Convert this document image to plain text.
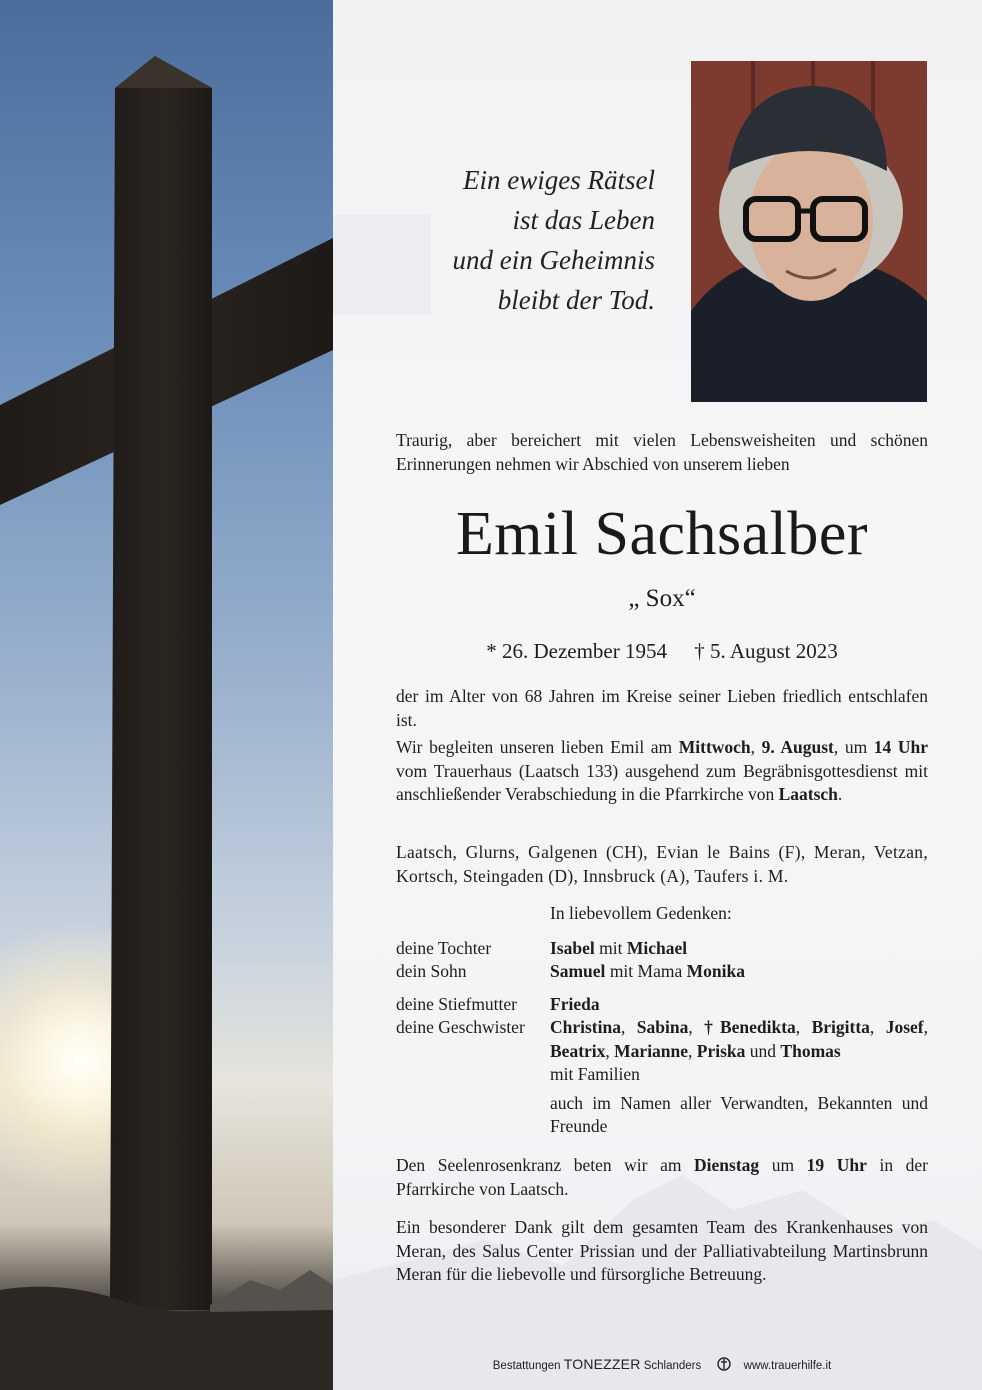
Ein ewiges Rätsel
ist das Leben
und ein Geheimnis
bleibt der Tod.
Traurig, aber bereichert mit vielen Lebensweisheiten und schönen Erinnerungen nehmen wir Abschied von unserem lieben
Emil Sachsalber
„ Sox“
* 26. Dezember 1954 † 5. August 2023
der im Alter von 68 Jahren im Kreise seiner Lieben friedlich entschlafen ist.
Wir begleiten unseren lieben Emil am Mittwoch, 9. August, um 14 Uhr vom Trauerhaus (Laatsch 133) ausgehend zum Begräbnisgottesdienst mit anschließender Verabschiedung in die Pfarrkirche von Laatsch.
Laatsch, Glurns, Galgenen (CH), Evian le Bains (F), Meran, Vetzan, Kortsch, Steingaden (D), Innsbruck (A), Taufers i. M.
In liebevollem Gedenken:
deine Tochter	Isabel mit Michael
dein Sohn	Samuel mit Mama Monika
deine Stiefmutter	Frieda
deine Geschwister	Christina, Sabina, †Benedikta, Brigitta, Josef, Beatrix, Marianne, Priska und Thomas
mit Familien
auch im Namen aller Verwandten, Bekannten und Freunde
Den Seelenrosenkranz beten wir am Dienstag um 19 Uhr in der Pfarrkirche von Laatsch.
Ein besonderer Dank gilt dem gesamten Team des Krankenhauses von Meran, des Salus Center Prissian und der Palliativabteilung Martinsbrunn Meran für die liebevolle und fürsorgliche Betreuung.
Bestattungen TONEZZER Schlanders	www.trauerhilfe.it
